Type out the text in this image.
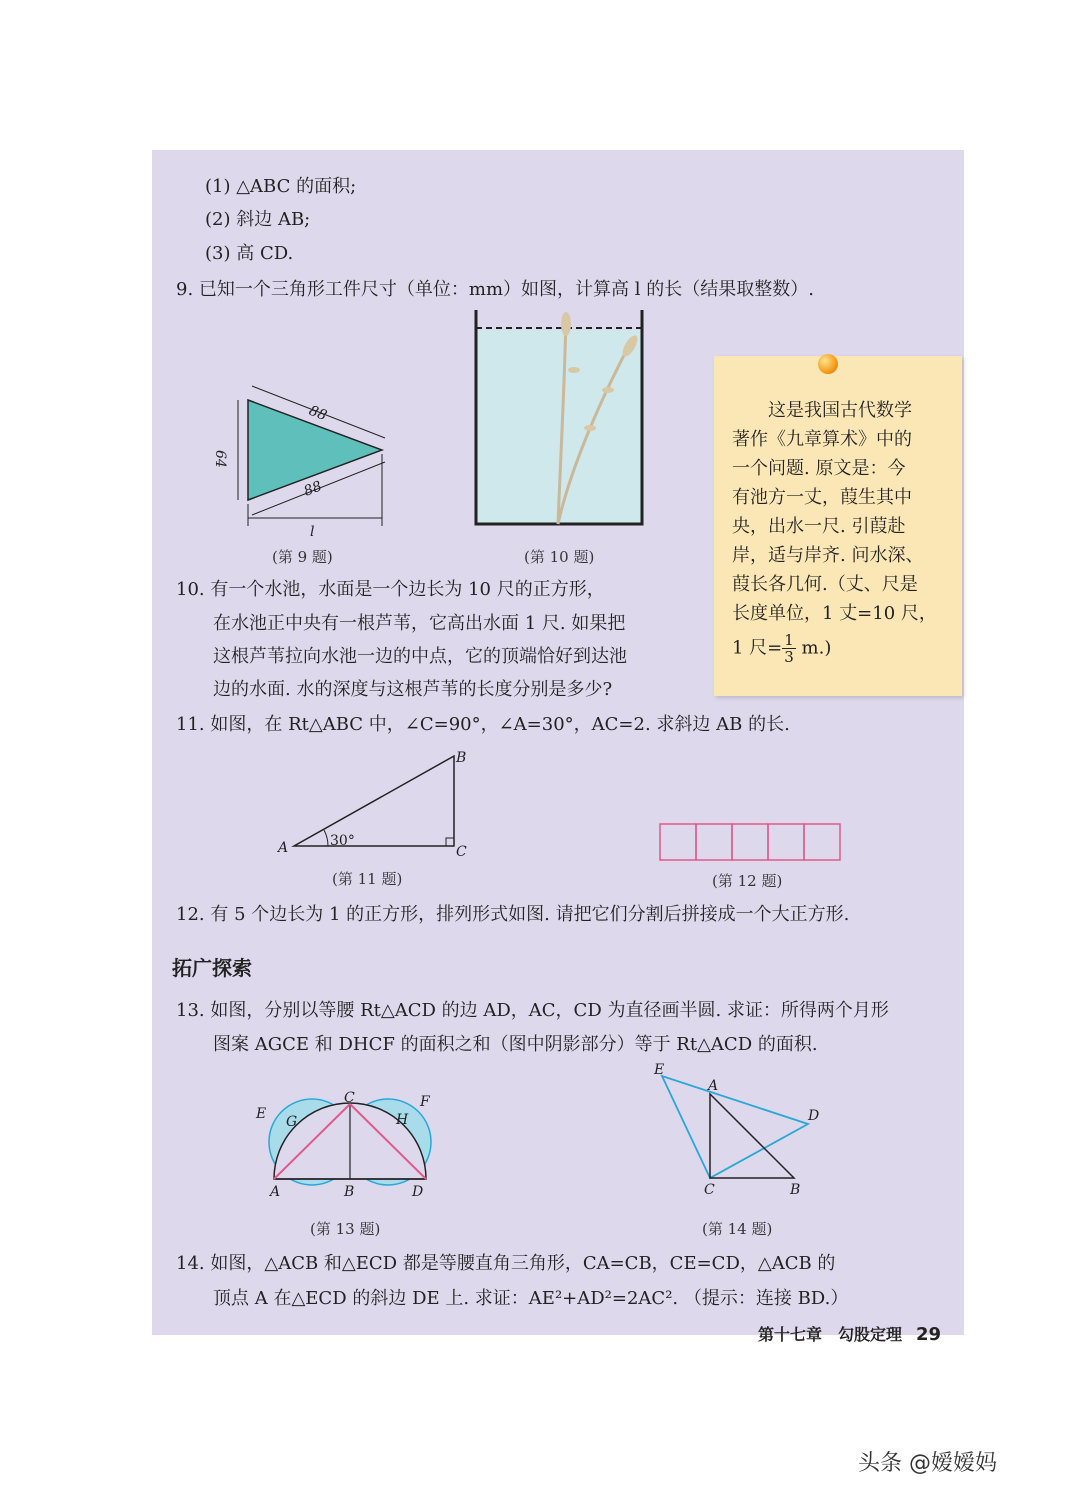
(1) △ABC 的面积;
(2) 斜边 AB;
(3) 高 CD.
9. 已知一个三角形工件尺寸（单位：mm）如图，计算高 l 的长（结果取整数）.
88
88
64
l
(第 9 题)	(第 10 题)
　　这是我国古代数学
著作《九章算术》中的
一个问题. 原文是：今
有池方一丈，葭生其中
央，出水一尺. 引葭赴
岸，适与岸齐. 问水深、
葭长各几何.（丈、尺是
长度单位，1 丈=10 尺，
1 尺= $\frac{1}{3} m$.)
10. 有一个水池，水面是一个边长为 10 尺的正方形，
在水池正中央有一根芦苇，它高出水面 1 尺. 如果把
这根芦苇拉向水池一边的中点，它的顶端恰好到达池
边的水面. 水的深度与这根芦苇的长度分别是多少?
11. 如图，在 Rt△ABC 中，∠C=90°，∠A=30°，AC=2. 求斜边 AB 的长.
A
B
C
30°
(第 11 题)	(第 12 题)
12. 有 5 个边长为 1 的正方形，排列形式如图. 请把它们分割后拼接成一个大正方形.
拓广探索
13. 如图，分别以等腰 Rt△ACD 的边 AD，AC，CD 为直径画半圆. 求证：所得两个月形
图案 AGCE 和 DHCF 的面积之和（图中阴影部分）等于 Rt△ACD 的面积.
E G
C
H
F
A	B	D
(第 13 题)
E
A
D
C	B
(第 14 题)
14. 如图，△ACB 和△ECD 都是等腰直角三角形，CA=CB，CE=CD，△ACB 的
顶点 A 在△ECD 的斜边 DE 上. 求证：AE²+AD²=2AC². （提示：连接 BD.）
第十七章　勾股定理 29
头条 @嫒嫒妈
